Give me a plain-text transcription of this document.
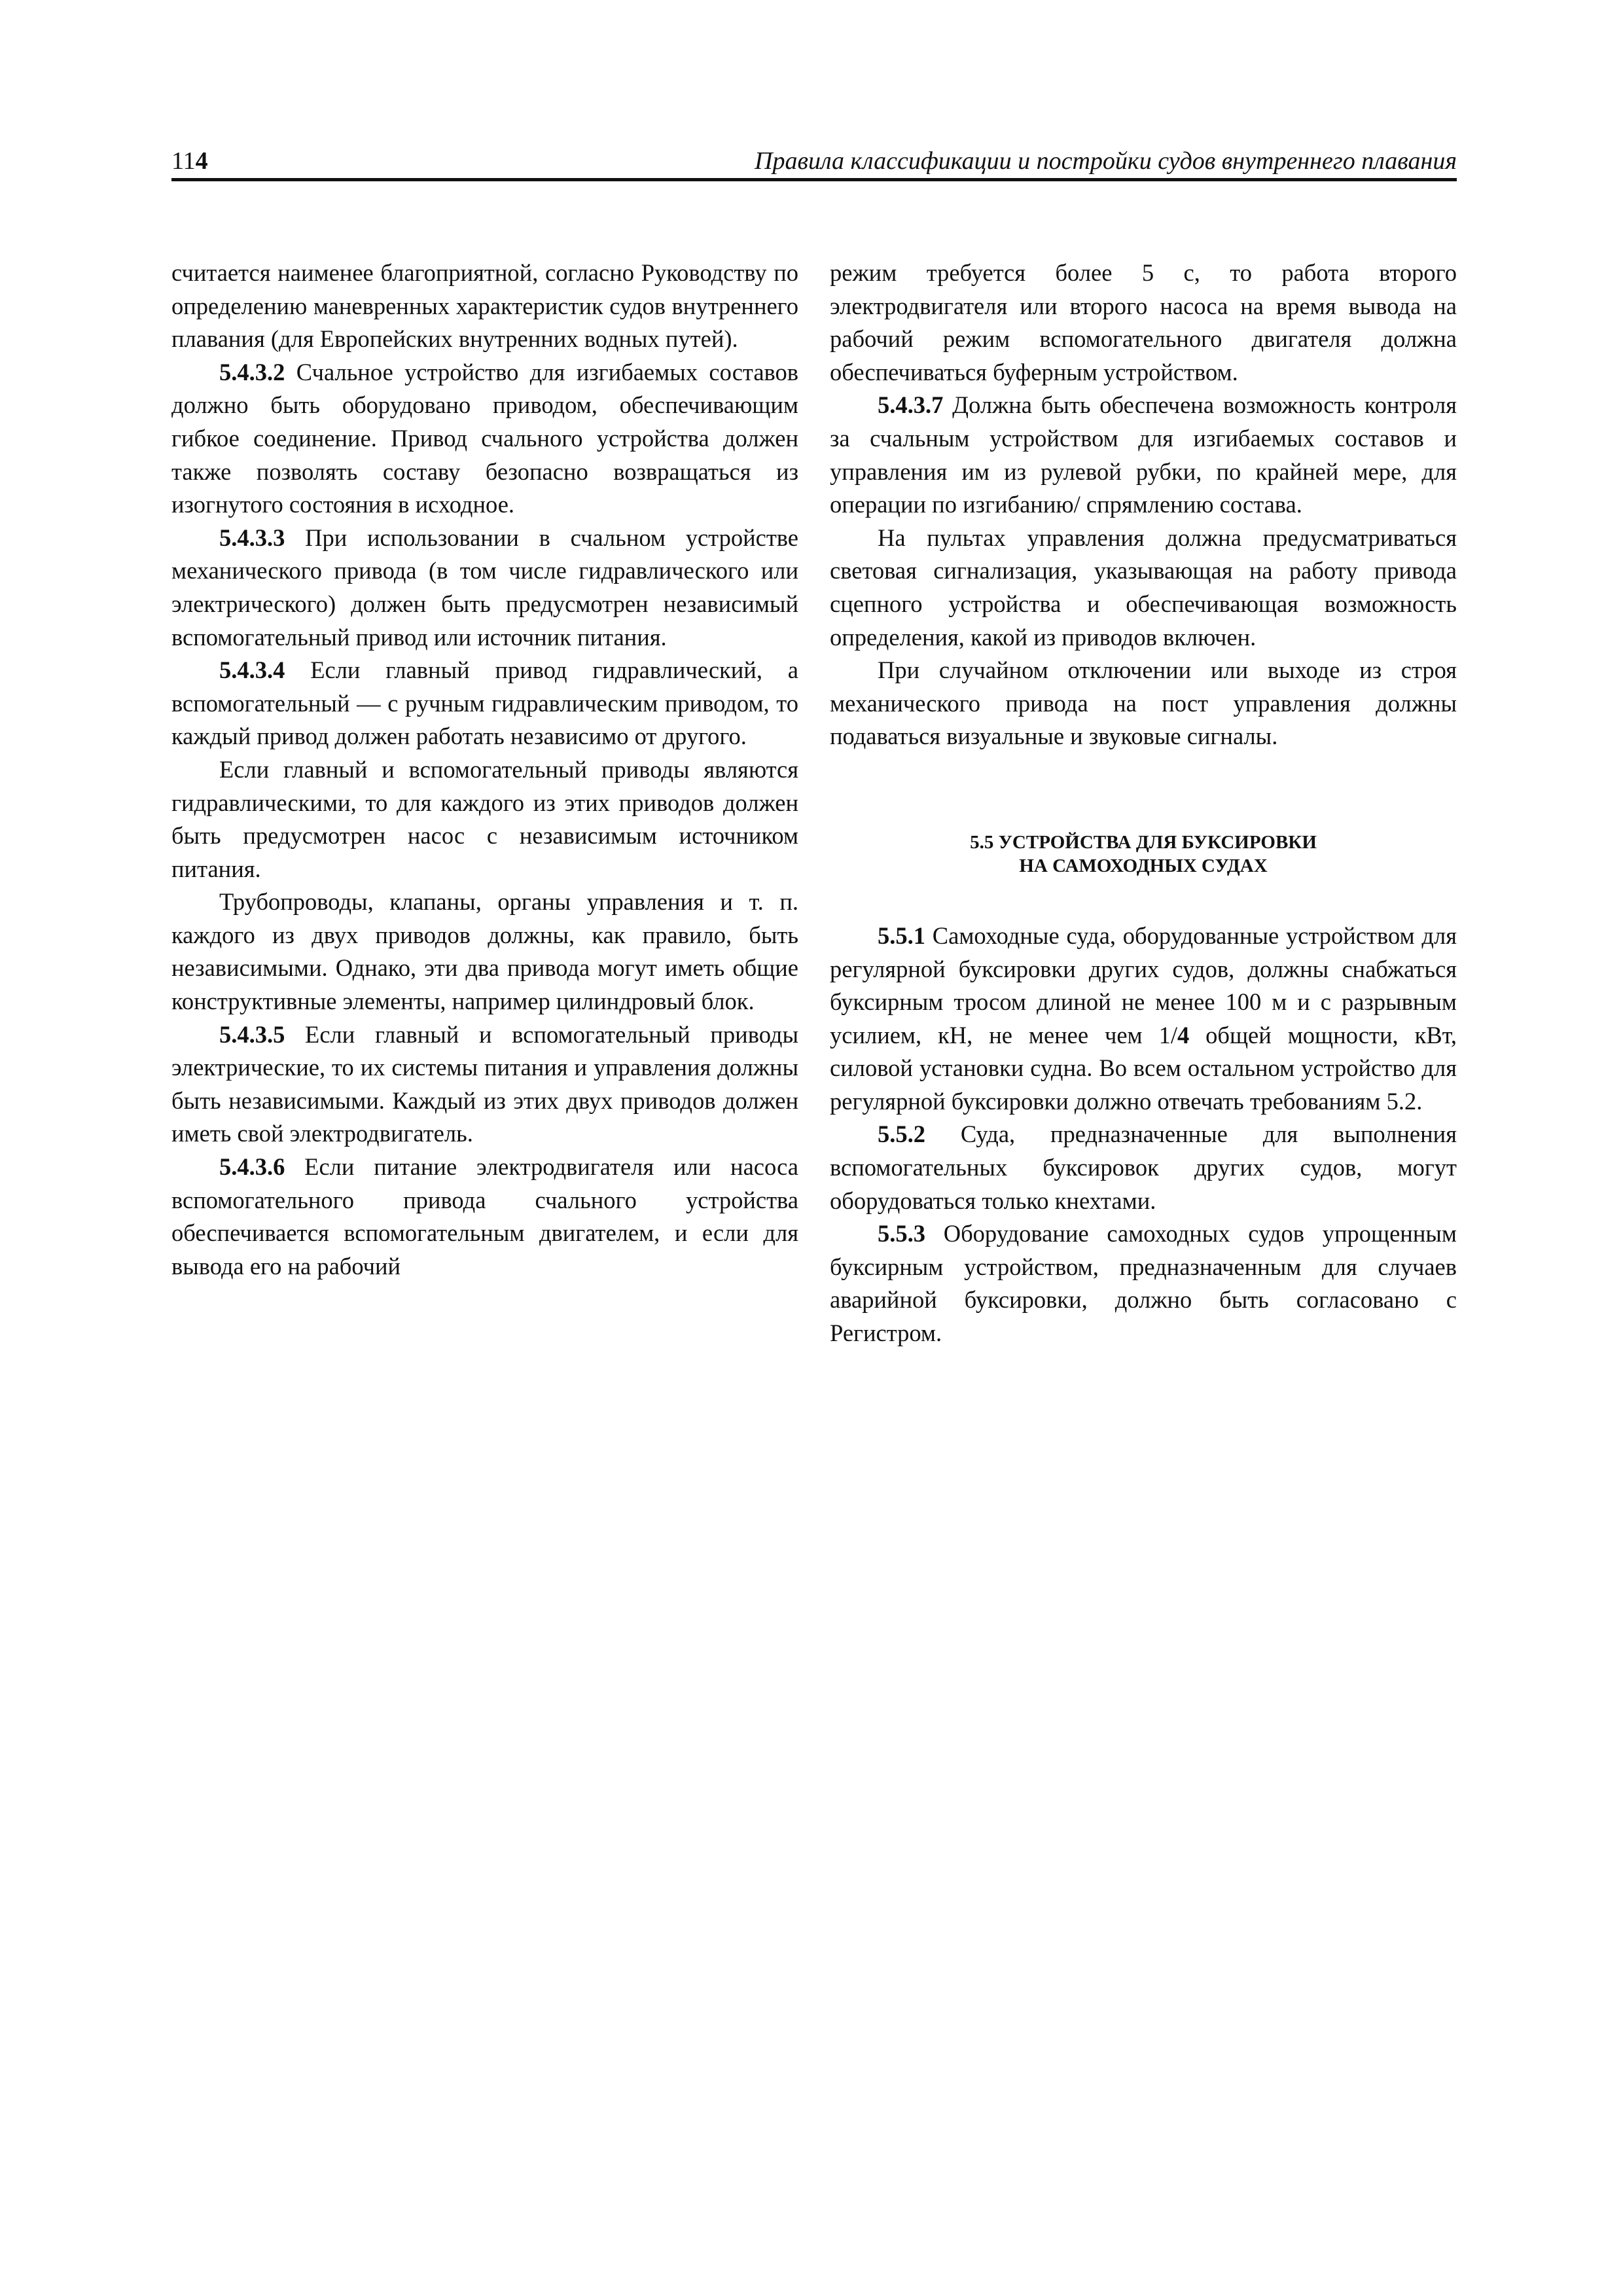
114	Правила классификации и постройки судов внутреннего плавания

считается наименее благоприятной, согласно Руководству по определению маневренных характеристик судов внутреннего плавания (для Европейских внутренних водных путей).

5.4.3.2 Счальное устройство для изгибаемых составов должно быть оборудовано приводом, обеспечивающим гибкое соединение. Привод счального устройства должен также позволять составу безопасно возвращаться из изогнутого состояния в исходное.

5.4.3.3 При использовании в счальном устройстве механического привода (в том числе гидравлического или электрического) должен быть предусмотрен независимый вспомогательный привод или источник питания.

5.4.3.4 Если главный привод гидравлический, а вспомогательный — с ручным гидравлическим приводом, то каждый привод должен работать независимо от другого.

Если главный и вспомогательный приводы являются гидравлическими, то для каждого из этих приводов должен быть предусмотрен насос с независимым источником питания.

Трубопроводы, клапаны, органы управления и т. п. каждого из двух приводов должны, как правило, быть независимыми. Однако, эти два привода могут иметь общие конструктивные элементы, например цилиндровый блок.

5.4.3.5 Если главный и вспомогательный приводы электрические, то их системы питания и управления должны быть независимыми. Каждый из этих двух приводов должен иметь свой электродвигатель.

5.4.3.6 Если питание электродвигателя или насоса вспомогательного привода счального устройства обеспечивается вспомогательным двигателем, и если для вывода его на рабочий

режим требуется более 5 с, то работа второго электродвигателя или второго насоса на время вывода на рабочий режим вспомогательного двигателя должна обеспечиваться буферным устройством.

5.4.3.7 Должна быть обеспечена возможность контроля за счальным устройством для изгибаемых составов и управления им из рулевой рубки, по крайней мере, для операции по изгибанию/ спрямлению состава.

На пультах управления должна предусматриваться световая сигнализация, указывающая на работу привода сцепного устройства и обеспечивающая возможность определения, какой из приводов включен.

При случайном отключении или выходе из строя механического привода на пост управления должны подаваться визуальные и звуковые сигналы.

5.5 УСТРОЙСТВА ДЛЯ БУКСИРОВКИ
НА САМОХОДНЫХ СУДАХ

5.5.1 Самоходные суда, оборудованные устройством для регулярной буксировки других судов, должны снабжаться буксирным тросом длиной не менее 100 м и с разрывным усилием, кН, не менее чем 1/4 общей мощности, кВт, силовой установки судна. Во всем остальном устройство для регулярной буксировки должно отвечать требованиям 5.2.

5.5.2 Суда, предназначенные для выполнения вспомогательных буксировок других судов, могут оборудоваться только кнехтами.

5.5.3 Оборудование самоходных судов упрощенным буксирным устройством, предназначенным для случаев аварийной буксировки, должно быть согласовано с Регистром.
